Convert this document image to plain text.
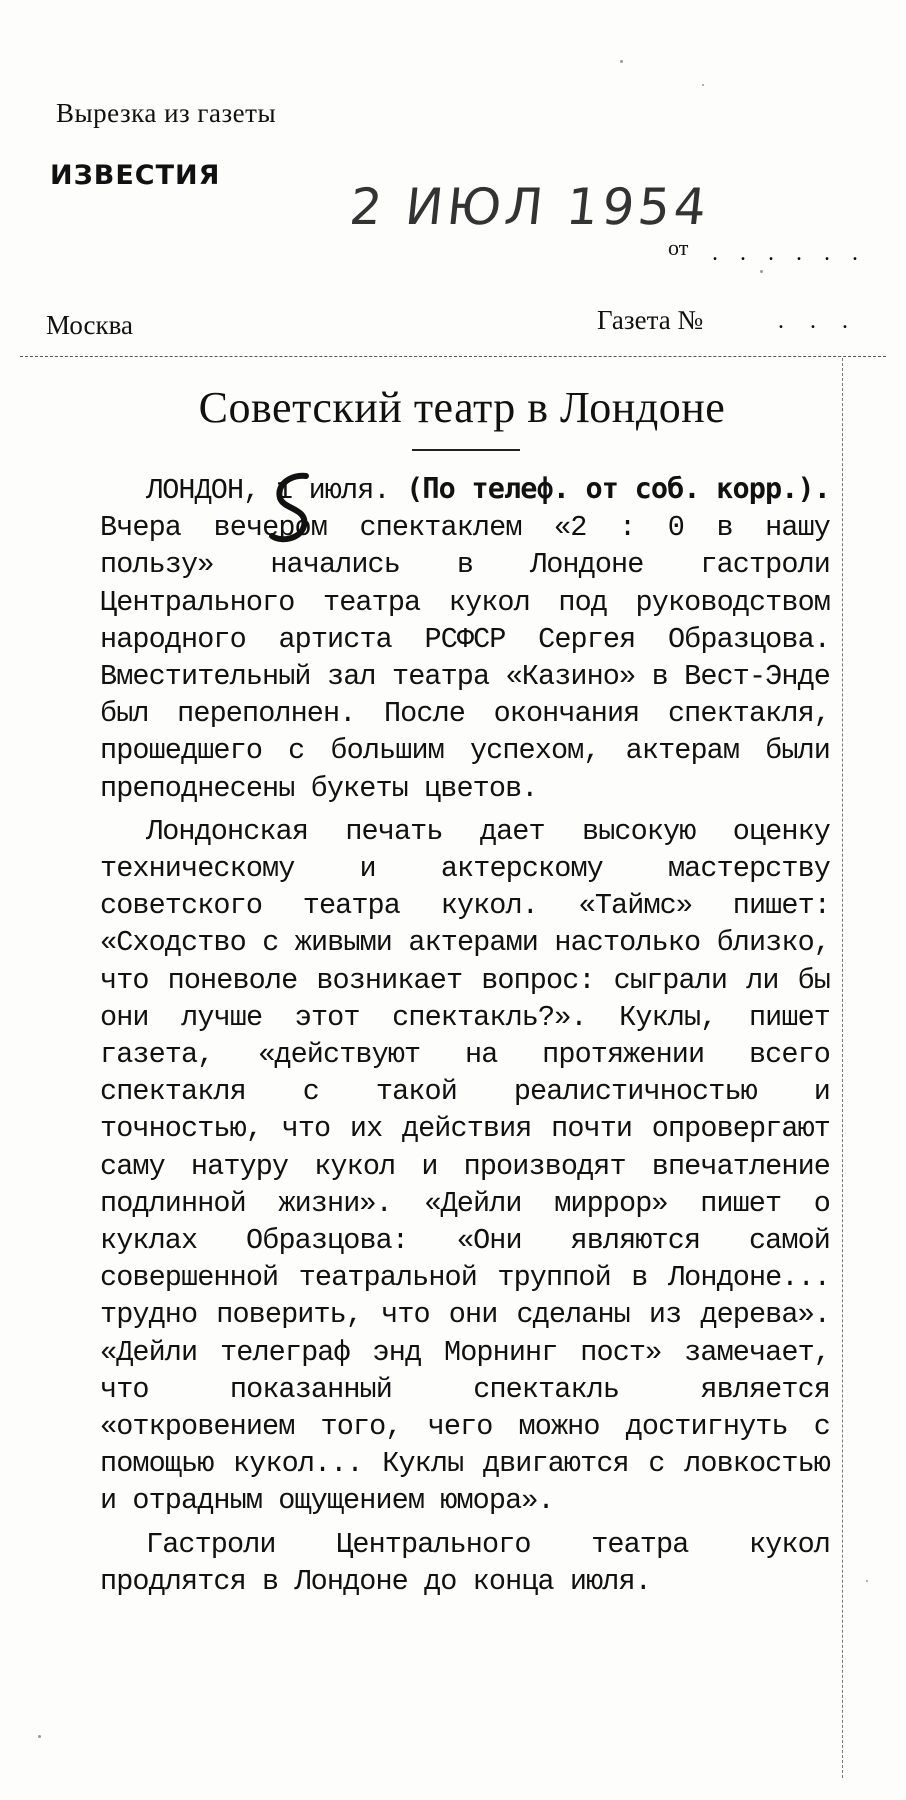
Вырезка из газеты
ИЗВЕСТИЯ
2 ИЮЛ 1954
от . . . . . .
Москва	Газета №	. . .
Советский театр в Лондоне

ЛОНДОН, 1 июля. (По телеф. от соб. корр.). Вчера вечером спектаклем «2 : 0 в нашу пользу» начались в Лондоне гастроли Центрального театра кукол под руководством народного артиста РСФСР Сергея Образцова. Вместительный зал театра «Казино» в Вест-Энде был переполнен. После окончания спектакля, прошедшего с большим успехом, актерам были преподнесены букеты цветов.

Лондонская печать дает высокую оценку техническому и актерскому мастерству советского театра кукол. «Таймс» пишет: «Сходство с живыми актерами настолько близко, что поневоле возникает вопрос: сыграли ли бы они лучше этот спектакль?». Куклы, пишет газета, «действуют на протяжении всего спектакля с такой реалистичностью и точностью, что их действия почти опровергают саму натуру кукол и производят впечатление подлинной жизни». «Дейли миррор» пишет о куклах Образцова: «Они являются самой совершенной театральной труппой в Лондоне... трудно поверить, что они сделаны из дерева». «Дейли телеграф энд Морнинг пост» замечает, что показанный спектакль является «откровением того, чего можно достигнуть с помощью кукол... Куклы двигаются с ловкостью и отрадным ощущением юмора».

Гастроли Центрального театра кукол продлятся в Лондоне до конца июля.
